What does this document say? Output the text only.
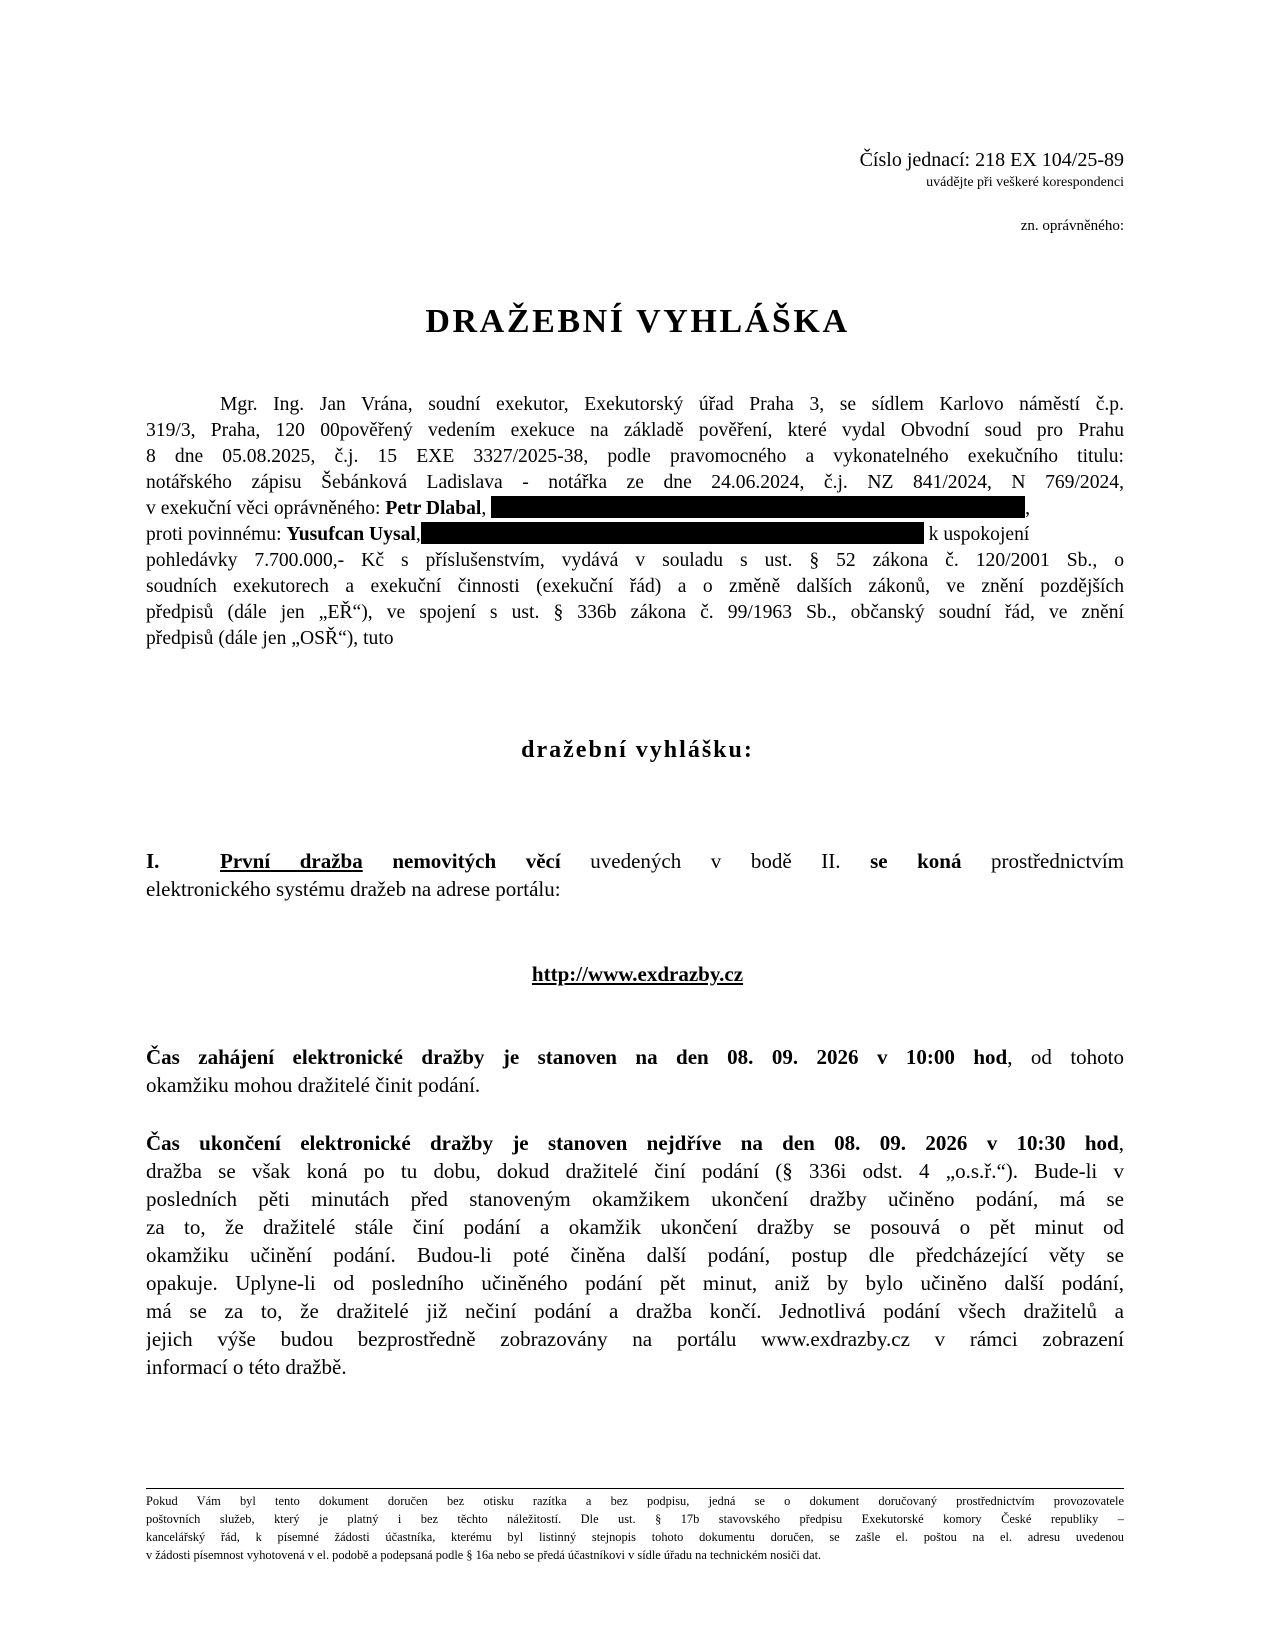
Číslo jednací: 218 EX 104/25-89
uvádějte při veškeré korespondenci
zn. oprávněného:
DRAŽEBNÍ VYHLÁŠKA
Mgr. Ing. Jan Vrána, soudní exekutor, Exekutorský úřad Praha 3, se sídlem Karlovo náměstí č.p.
319/3, Praha, 120 00pověřený vedením exekuce na základě pověření, které vydal Obvodní soud pro Prahu
8 dne 05.08.2025, č.j. 15 EXE 3327/2025-38, podle pravomocného a vykonatelného exekučního titulu:
notářského zápisu Šebánková Ladislava - notářka ze dne 24.06.2024, č.j. NZ 841/2024, N 769/2024,
v exekuční věci oprávněného: Petr Dlabal,	,
proti povinnému: Yusufcan Uysal,	k uspokojení
pohledávky 7.700.000,- Kč s příslušenstvím, vydává v souladu s ust. § 52 zákona č. 120/2001 Sb., o
soudních exekutorech a exekuční činnosti (exekuční řád) a o změně dalších zákonů, ve znění pozdějších
předpisů (dále jen „EŘ“), ve spojení s ust. § 336b zákona č. 99/1963 Sb., občanský soudní řád, ve znění
předpisů (dále jen „OSŘ“), tuto
dražební vyhlášku:
I.	První dražba nemovitých věcí uvedených v bodě II. se koná prostřednictvím
elektronického systému dražeb na adrese portálu:
http://www.exdrazby.cz
Čas zahájení elektronické dražby je stanoven na den 08. 09. 2026 v 10:00 hod, od tohoto
okamžiku mohou dražitelé činit podání.
Čas ukončení elektronické dražby je stanoven nejdříve na den 08. 09. 2026 v 10:30 hod,
dražba se však koná po tu dobu, dokud dražitelé činí podání (§ 336i odst. 4 „o.s.ř.“). Bude-li v
posledních pěti minutách před stanoveným okamžikem ukončení dražby učiněno podání, má se
za to, že dražitelé stále činí podání a okamžik ukončení dražby se posouvá o pět minut od
okamžiku učinění podání. Budou-li poté činěna další podání, postup dle předcházející věty se
opakuje. Uplyne-li od posledního učiněného podání pět minut, aniž by bylo učiněno další podání,
má se za to, že dražitelé již nečiní podání a dražba končí. Jednotlivá podání všech dražitelů a
jejich výše budou bezprostředně zobrazovány na portálu www.exdrazby.cz v rámci zobrazení
informací o této dražbě.
Pokud Vám byl tento dokument doručen bez otisku razítka a bez podpisu, jedná se o dokument doručovaný prostřednictvím provozovatele
poštovních služeb, který je platný i bez těchto náležitostí. Dle ust. § 17b stavovského předpisu Exekutorské komory České republiky –
kancelářský řád, k písemné žádosti účastníka, kterému byl listinný stejnopis tohoto dokumentu doručen, se zašle el. poštou na el. adresu uvedenou
v žádosti písemnost vyhotovená v el. podobě a podepsaná podle § 16a nebo se předá účastníkovi v sídle úřadu na technickém nosiči dat.
